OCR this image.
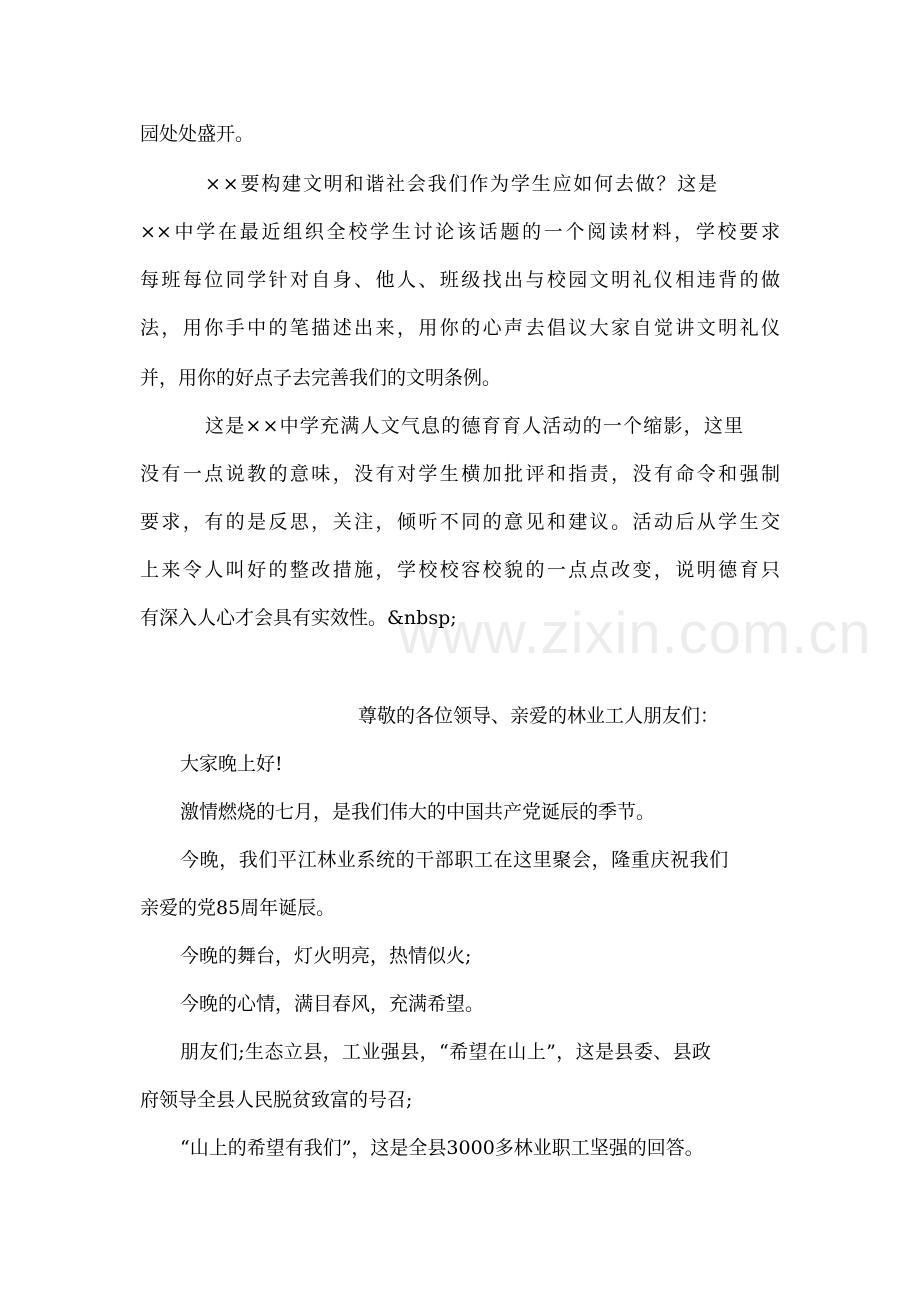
园处处盛开。

××要构建文明和谐社会我们作为学生应如何去做？这是

××中学在最近组织全校学生讨论该话题的一个阅读材料，学校要求

每班每位同学针对自身、他人、班级找出与校园文明礼仪相违背的做

法，用你手中的笔描述出来，用你的心声去倡议大家自觉讲文明礼仪

并，用你的好点子去完善我们的文明条例。

这是××中学充满人文气息的德育育人活动的一个缩影，这里

没有一点说教的意味，没有对学生横加批评和指责，没有命令和强制

要求，有的是反思，关注，倾听不同的意见和建议。活动后从学生交

上来令人叫好的整改措施，学校校容校貌的一点点改变，说明德育只

有深入人心才会具有实效性。&nbsp;

www.zixin.com.cn

尊敬的各位领导、亲爱的林业工人朋友们：

大家晚上好!

激情燃烧的七月，是我们伟大的中国共产党诞辰的季节。

今晚，我们平江林业系统的干部职工在这里聚会，隆重庆祝我们

亲爱的党85周年诞辰。

今晚的舞台，灯火明亮，热情似火;

今晚的心情，满目春风，充满希望。

朋友们;生态立县，工业强县，“希望在山上”，这是县委、县政

府领导全县人民脱贫致富的号召;

“山上的希望有我们”，这是全县3000多林业职工坚强的回答。
